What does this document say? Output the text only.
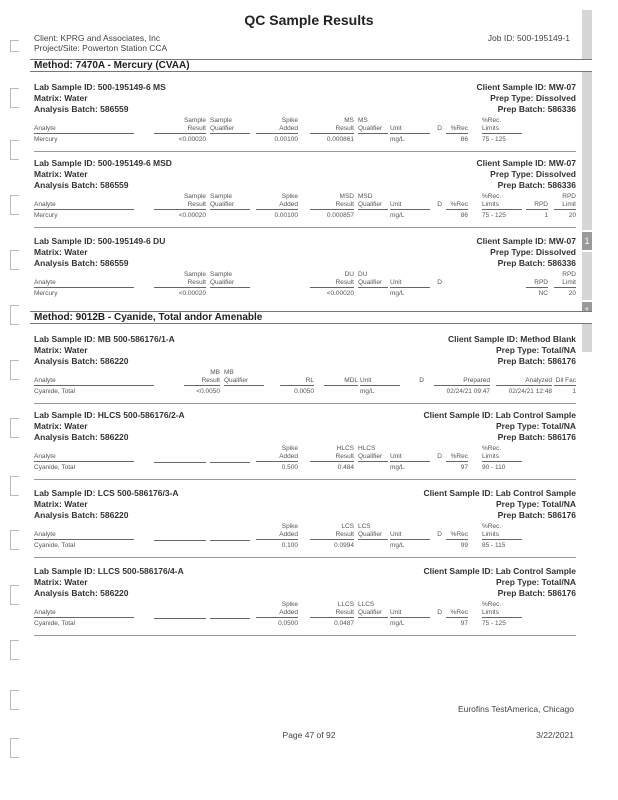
QC Sample Results
Client: KPRG and Associates, Inc
Project/Site: Powerton Station CCA
Job ID: 500-195149-1
1
Method: 7470A - Mercury (CVAA)
Lab Sample ID: 500-195149-6 MS
Matrix: Water
Analysis Batch: 586559
Client Sample ID: MW-07
Prep Type: Dissolved
Prep Batch: 586336
Sample Sample	Spike	MS MS	%Rec.
Analyte	Result Qualifier	Added	Result Qualifier	Unit	D	%Rec Limits
Mercury	<0.00020	0.00100	0.000861	mg/L	86 75 - 125
Lab Sample ID: 500-195149-6 MSD
Matrix: Water
Analysis Batch: 586559
Client Sample ID: MW-07
Prep Type: Dissolved
Prep Batch: 586336
Sample Sample	Spike	MSD MSD	%Rec.	RPD
Analyte	Result Qualifier	Added	Result Qualifier	Unit	D	%Rec Limits	RPD	Limit
Mercury	<0.00020	0.00100	0.000857	mg/L	86 75 - 125	1	20
Lab Sample ID: 500-195149-6 DU
Matrix: Water
Analysis Batch: 586559
Client Sample ID: MW-07
Prep Type: Dissolved
Prep Batch: 586336
Sample Sample	DU DU	RPD
Analyte	Result Qualifier	Result Qualifier	Unit	D	RPD	Limit
Mercury	<0.00020	<0.00020	mg/L	NC	20
Method: 9012B - Cyanide, Total andor Amenable
Lab Sample ID: MB 500-586176/1-A
Matrix: Water
Analysis Batch: 586220
Client Sample ID: Method Blank
Prep Type: Total/NA
Prep Batch: 586176
MB MB
Analyte	Result Qualifier	RL	MDL Unit	D	Prepared	Analyzed Dil Fac
Cyanide, Total	<0.0050	0.0050	mg/L	02/24/21 09:47	02/24/21 12:48	1
Lab Sample ID: HLCS 500-586176/2-A
Matrix: Water
Analysis Batch: 586220
Client Sample ID: Lab Control Sample
Prep Type: Total/NA
Prep Batch: 586176
Spike	HLCS HLCS	%Rec.
Analyte	Added	Result Qualifier	Unit	D	%Rec Limits
Cyanide, Total	0.500	0.484	mg/L	97 90 - 110
Lab Sample ID: LCS 500-586176/3-A
Matrix: Water
Analysis Batch: 586220
Client Sample ID: Lab Control Sample
Prep Type: Total/NA
Prep Batch: 586176
Spike	LCS LCS	%Rec.
Analyte	Added	Result Qualifier	Unit	D	%Rec Limits
Cyanide, Total	0.100	0.0994	mg/L	99 85 - 115
Lab Sample ID: LLCS 500-586176/4-A
Matrix: Water
Analysis Batch: 586220
Client Sample ID: Lab Control Sample
Prep Type: Total/NA
Prep Batch: 586176
Spike	LLCS LLCS	%Rec.
Analyte	Added	Result Qualifier	Unit	D	%Rec Limits
Cyanide, Total	0.0500	0.0487	mg/L	97 75 - 125
Eurofins TestAmerica, Chicago
Page 47 of 92	3/22/2021
